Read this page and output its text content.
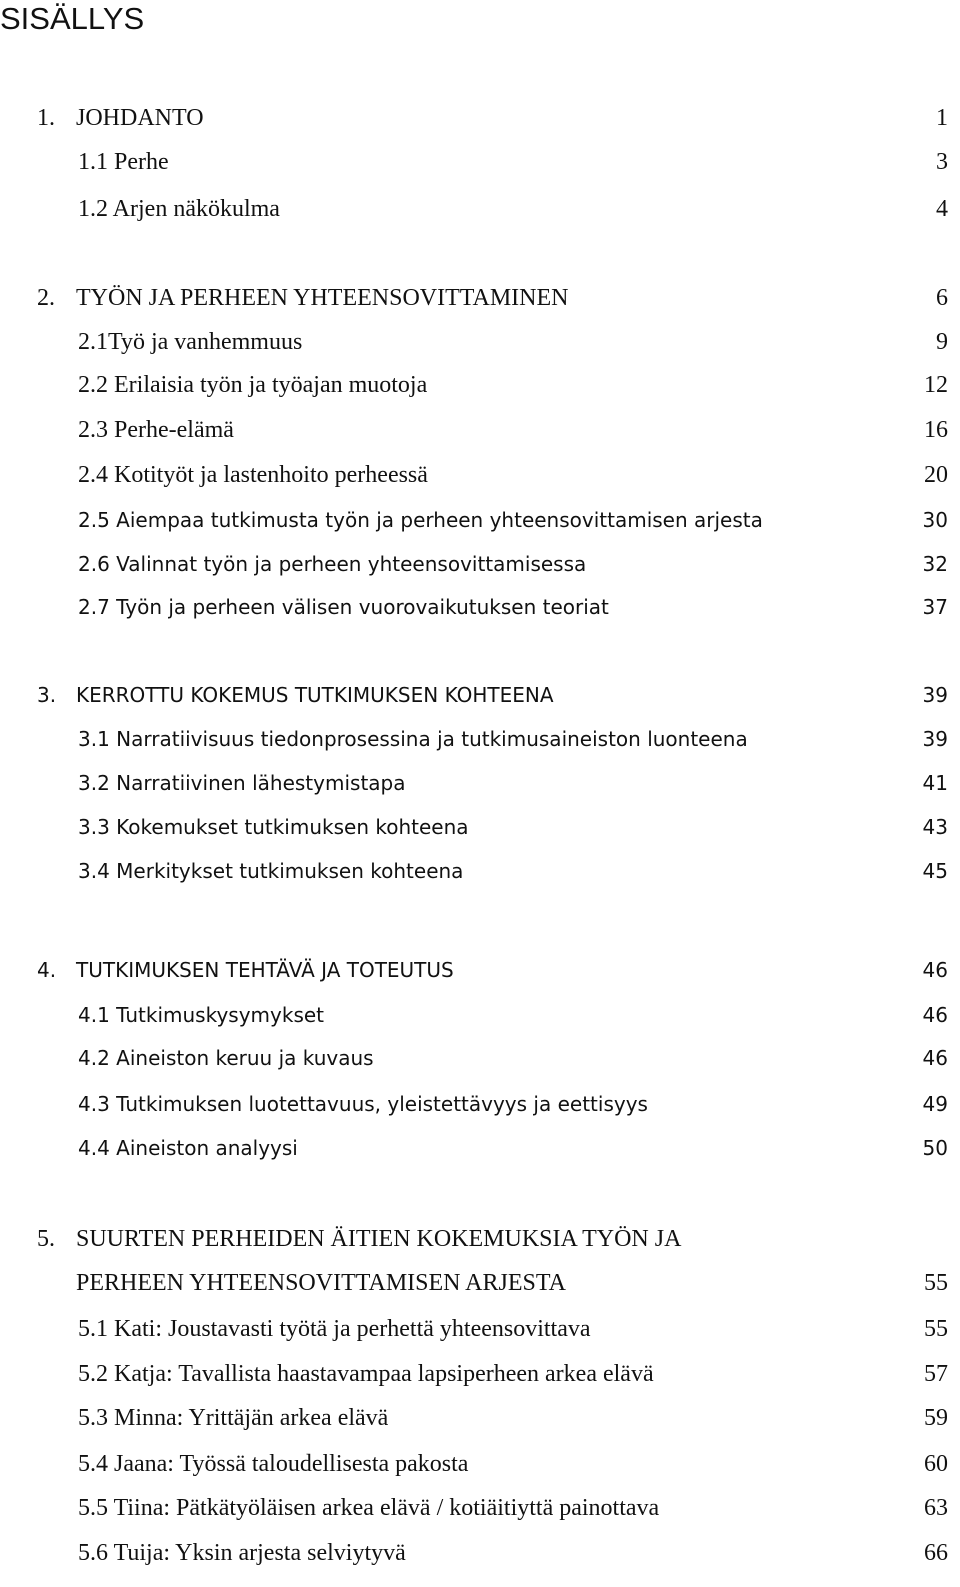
SISÄLLYS
1. JOHDANTO	1
1.1 Perhe	3
1.2 Arjen näkökulma	4
2. TYÖN JA PERHEEN YHTEENSOVITTAMINEN	6
2.1Työ ja vanhemmuus	9
2.2 Erilaisia työn ja työajan muotoja	12
2.3 Perhe-elämä	16
2.4 Kotityöt ja lastenhoito perheessä	20
2.5 Aiempaa tutkimusta työn ja perheen yhteensovittamisen arjesta	30
2.6 Valinnat työn ja perheen yhteensovittamisessa	32
2.7 Työn ja perheen välisen vuorovaikutuksen teoriat	37
3. KERROTTU KOKEMUS TUTKIMUKSEN KOHTEENA	39
3.1 Narratiivisuus tiedonprosessina ja tutkimusaineiston luonteena	39
3.2 Narratiivinen lähestymistapa	41
3.3 Kokemukset tutkimuksen kohteena	43
3.4 Merkitykset tutkimuksen kohteena	45
4. TUTKIMUKSEN TEHTÄVÄ JA TOTEUTUS	46
4.1 Tutkimuskysymykset	46
4.2 Aineiston keruu ja kuvaus	46
4.3 Tutkimuksen luotettavuus, yleistettävyys ja eettisyys	49
4.4 Aineiston analyysi	50
5. SUURTEN PERHEIDEN ÄITIEN KOKEMUKSIA TYÖN JA
PERHEEN YHTEENSOVITTAMISEN ARJESTA	55
5.1 Kati: Joustavasti työtä ja perhettä yhteensovittava	55
5.2 Katja: Tavallista haastavampaa lapsiperheen arkea elävä	57
5.3 Minna: Yrittäjän arkea elävä	59
5.4 Jaana: Työssä taloudellisesta pakosta	60
5.5 Tiina: Pätkätyöläisen arkea elävä / kotiäitiyttä painottava	63
5.6 Tuija: Yksin arjesta selviytyvä	66
